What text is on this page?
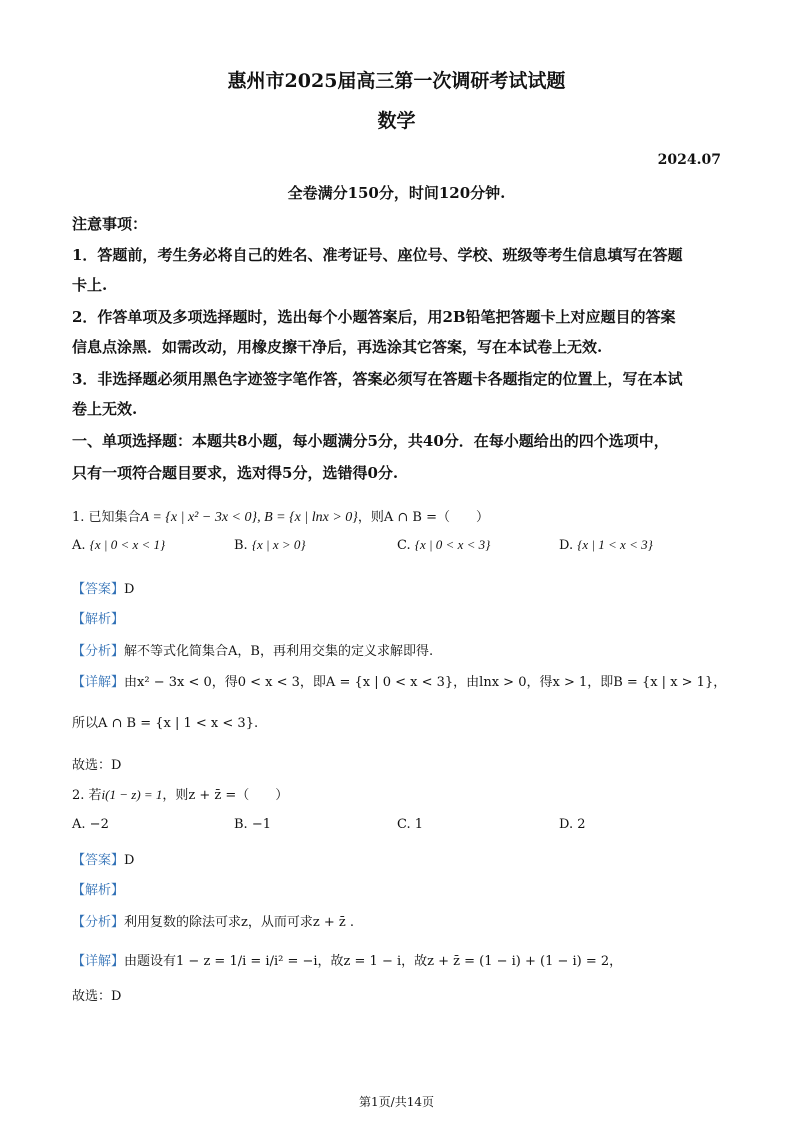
惠州市2025届高三第一次调研考试试题
数学
2024.07
全卷满分150分，时间120分钟.
注意事项：
1．答题前，考生务必将自己的姓名、准考证号、座位号、学校、班级等考生信息填写在答题
卡上.
2．作答单项及多项选择题时，选出每个小题答案后，用2B铅笔把答题卡上对应题目的答案
信息点涂黑．如需改动，用橡皮擦干净后，再选涂其它答案，写在本试卷上无效.
3．非选择题必须用黑色字迹签字笔作答，答案必须写在答题卡各题指定的位置上，写在本试
卷上无效.
一、单项选择题：本题共8小题，每小题满分5分，共40分．在每小题给出的四个选项中，
只有一项符合题目要求，选对得5分，选错得0分.
1. 已知集合A = {x | x² − 3x < 0}, B = {x | lnx > 0}，则A ∩ B =（　　）
A. {x | 0 < x < 1}	B. {x | x > 0}	C. {x | 0 < x < 3}	D. {x | 1 < x < 3}
【答案】D
【解析】
【分析】解不等式化简集合A，B，再利用交集的定义求解即得.
【详解】由x² − 3x < 0，得0 < x < 3，即A = {x | 0 < x < 3}，由lnx > 0，得x > 1，即B = {x | x > 1}，
所以A ∩ B = {x | 1 < x < 3}.
故选：D
2. 若i(1 − z) = 1，则z + z̄ =（　　）
A. −2	B. −1	C. 1	D. 2
【答案】D
【解析】
【分析】利用复数的除法可求z，从而可求z + z̄ .
【详解】由题设有1 − z = 1/i = i/i² = −i，故z = 1 − i，故z + z̄ = (1 − i) + (1 − i) = 2，
故选：D
第1页/共14页
